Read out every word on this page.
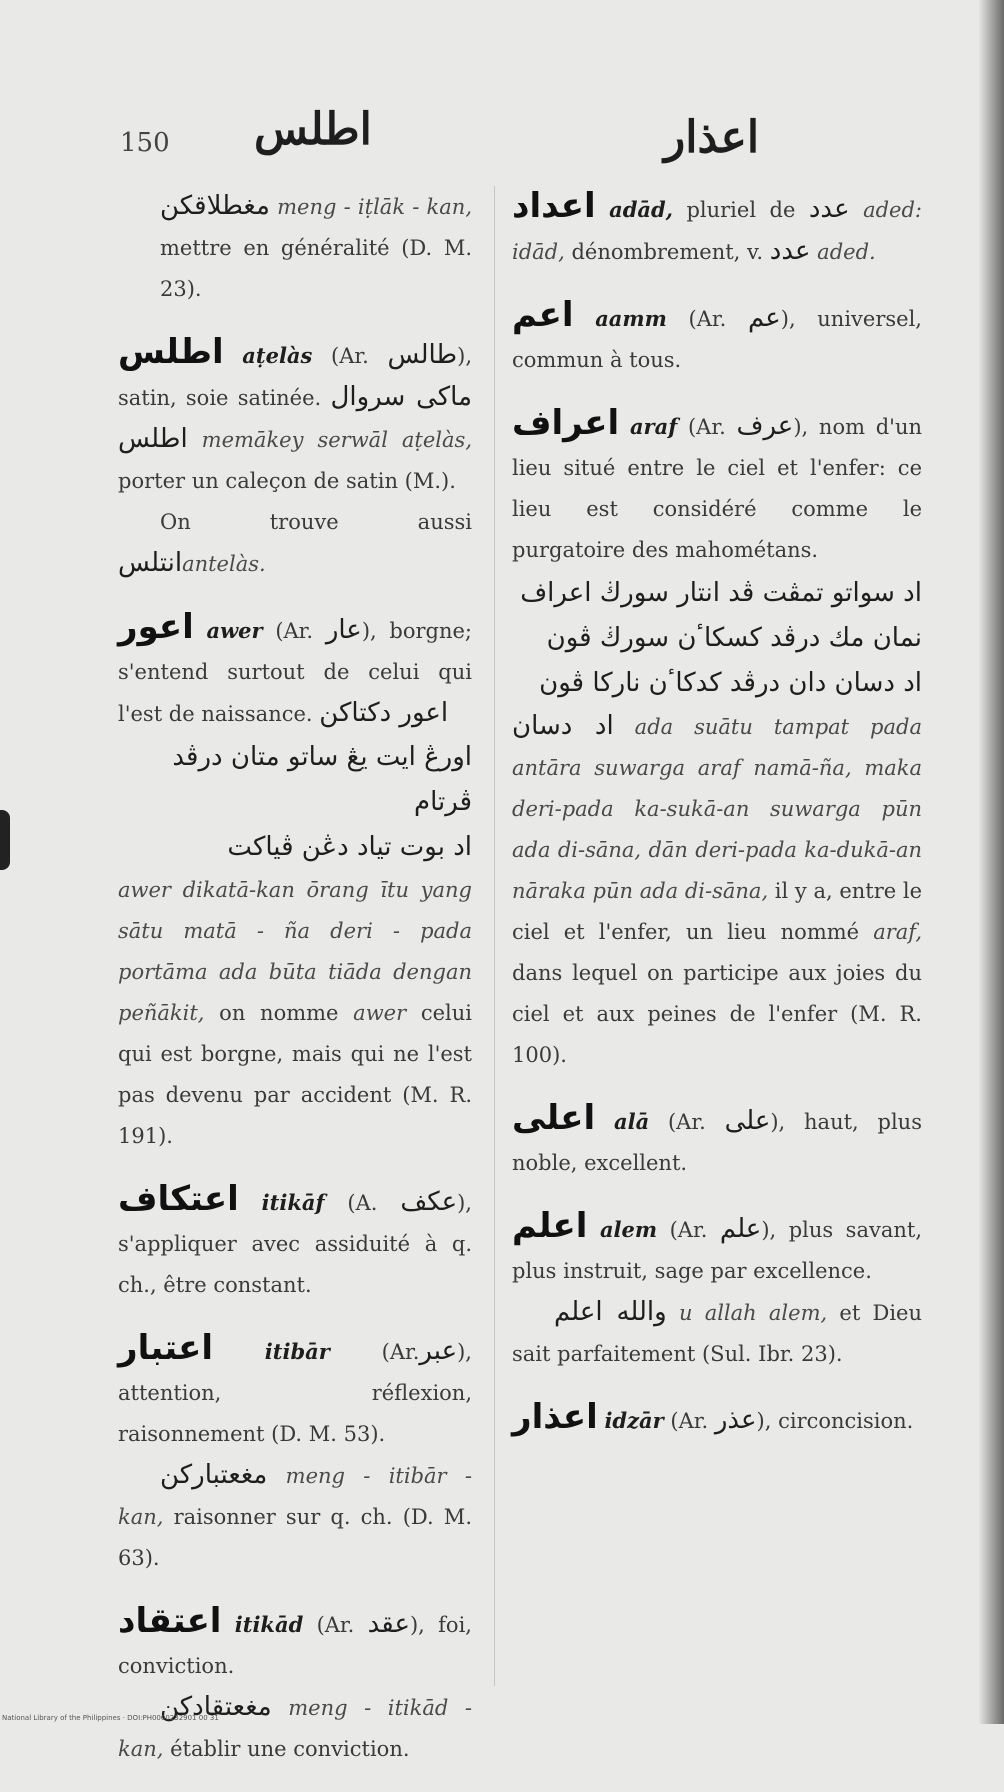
150 اطلس	اعذار

مغطلاقكن meng - iṭlāk - kan, mettre en généralité (D. M. 23).

اطلس aṭelàs (Ar. طالس), satin, soie satinée. ماكى سروال اطلس memākey serwāl aṭelàs, porter un caleçon de satin (M.).
On trouve aussi انتلسantelàs.

اعور awer (Ar. عار), borgne; s'entend surtout de celui qui l'est de naissance. اعور دكتاكن
اورڠ ايت يڠ ساتو متان درڤد ڤرتام
اد بوت تياد دڠن ڤياكت
awer dikatā-kan ōrang ītu yang sātu matā - ña deri - pada portāma ada būta tiāda dengan peñākit, on nomme awer celui qui est borgne, mais qui ne l'est pas devenu par accident (M. R. 191).

اعتكاف itikāf (A. عكف), s'appliquer avec assiduité à q. ch., être constant.

اعتبار itibār (Ar.عبر), attention, réflexion, raisonnement (D. M. 53).
مغعتباركن meng - itibār - kan, raisonner sur q. ch. (D. M. 63).

اعتقاد itikād (Ar. عقد), foi, conviction.
مغعتقادكن meng - itikād - kan, établir une conviction.

اعداد adād, pluriel de عدد aded: idād, dénombrement, v. عدد aded.

اعم aamm (Ar. عم), universel, commun à tous.

اعراف araf (Ar. عرف), nom d'un lieu situé entre le ciel et l'enfer: ce lieu est considéré comme le purgatoire des mahométans.
اد سواتو تمڤت ڤد انتار سورڬ اعراف
نمان مك درڤد كسكاٴن سورڬ ڤون
اد دسان دان درڤد كدكاٴن ناركا ڤون
اد دسان ada suātu tampat pada antāra suwarga araf namā-ña, maka deri-pada ka-sukā-an suwarga pūn ada di-sāna, dān deri-pada ka-dukā-an nāraka pūn ada di-sāna, il y a, entre le ciel et l'enfer, un lieu nommé araf, dans lequel on participe aux joies du ciel et aux peines de l'enfer (M. R. 100).

اعلى alā (Ar. على), haut, plus noble, excellent.

اعلم alem (Ar. علم), plus savant, plus instruit, sage par excellence.
والله اعلم u allah alem, et Dieu sait parfaitement (Sul. Ibr. 23).

اعذار idzār (Ar. عذر), circoncision.

National Library of the Philippines · DOI:PH0000232901 00 31
